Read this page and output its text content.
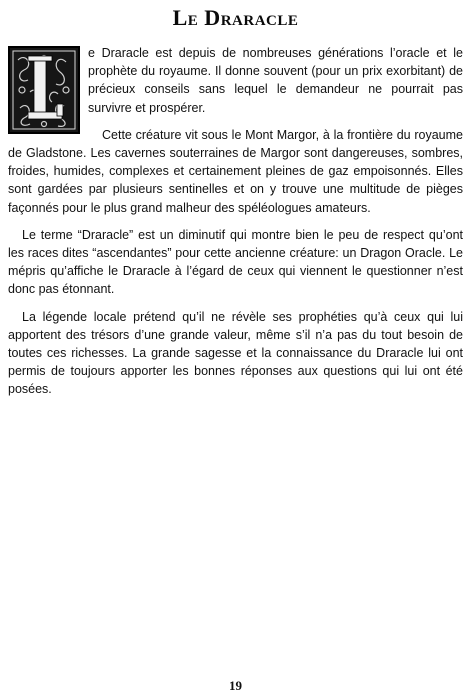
Le Draracle

e Draracle est depuis de nombreuses générations l’oracle et le prophète du royaume. Il donne souvent (pour un prix exorbitant) de précieux conseils sans lequel le demandeur ne pourrait pas survivre et prospérer.

Cette créature vit sous le Mont Margor, à la frontière du royaume de Gladstone. Les cavernes souterraines de Margor sont dangereuses, sombres, froides, humides, complexes et certainement pleines de gaz empoisonnés. Elles sont gardées par plusieurs sentinelles et on y trouve une multitude de pièges façonnés pour le plus grand malheur des spéléologues amateurs.

Le terme “Draracle” est un diminutif qui montre bien le peu de respect qu’ont les races dites “ascendantes” pour cette ancienne créature: un Dragon Oracle. Le mépris qu’affiche le Draracle à l’égard de ceux qui viennent le questionner n’est donc pas étonnant.

La légende locale prétend qu’il ne révèle ses prophéties qu’à ceux qui lui apportent des trésors d’une grande valeur, même s’il n’a pas du tout besoin de toutes ces richesses. La grande sagesse et la connaissance du Draracle lui ont permis de toujours apporter les bonnes réponses aux questions qui lui ont été posées.

19
